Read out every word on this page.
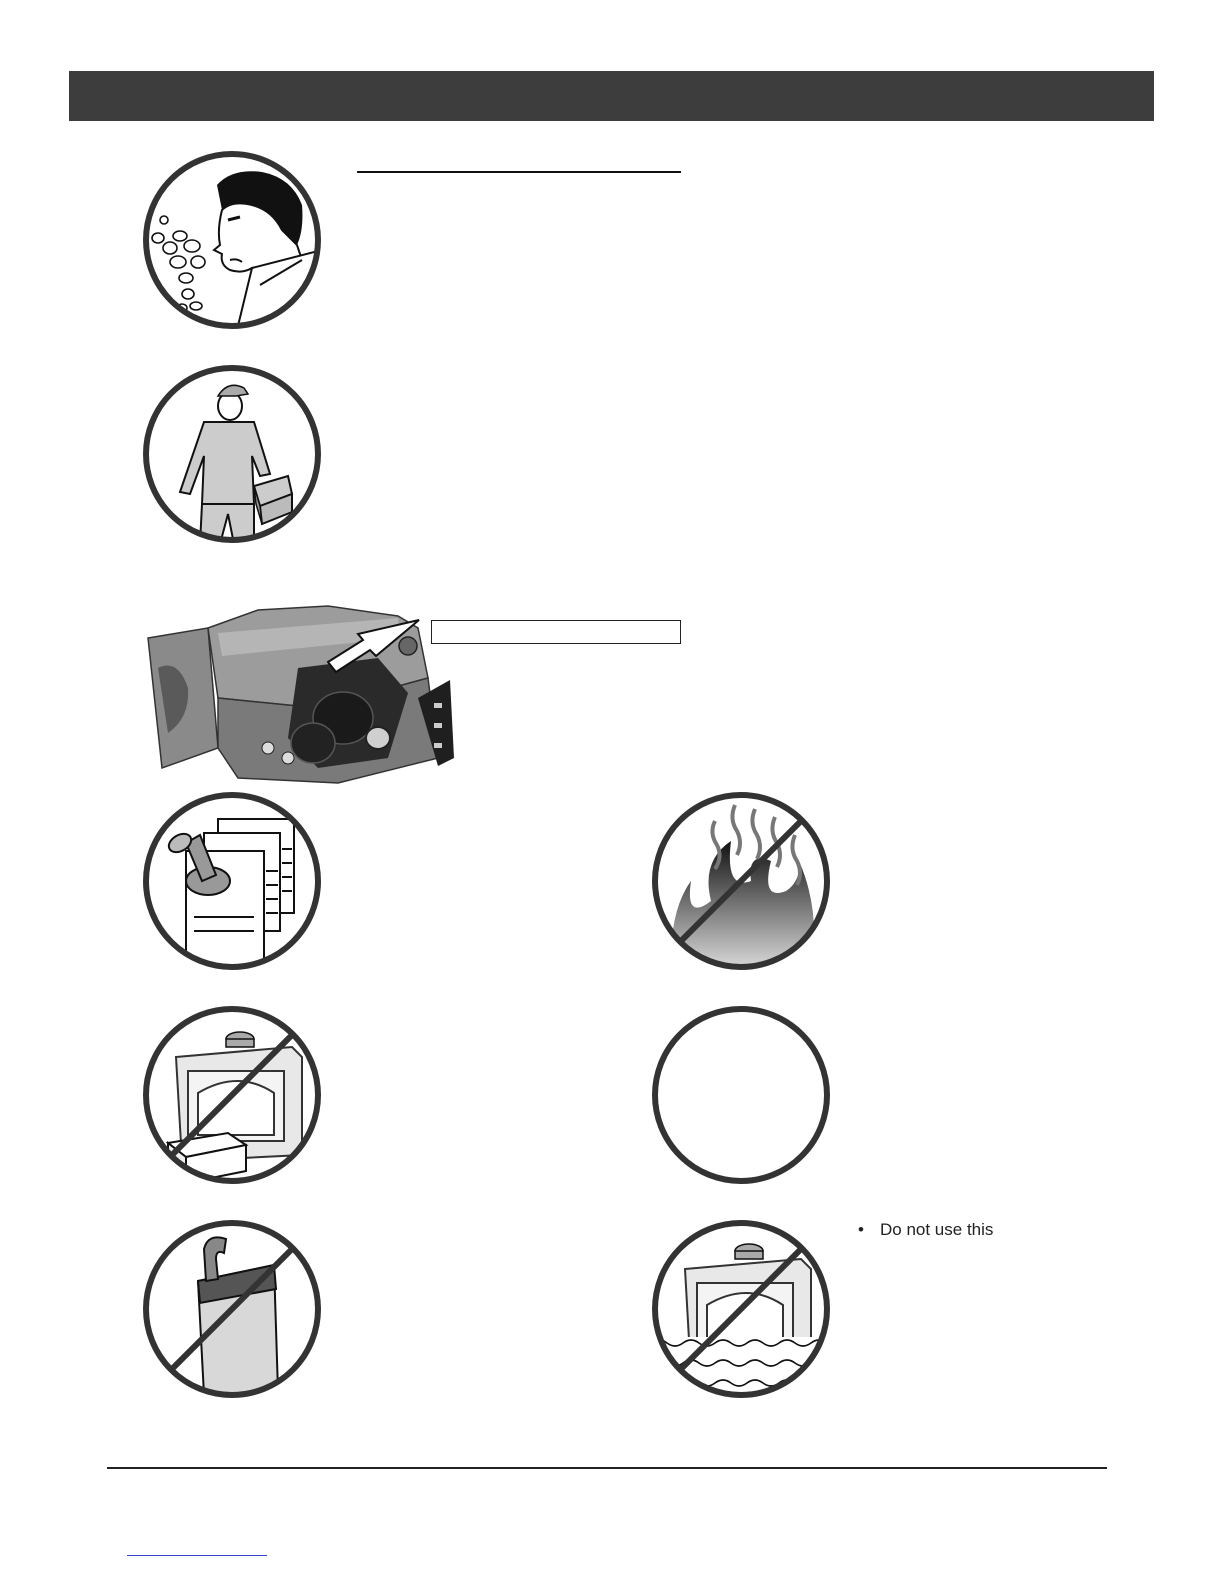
• Do not use this
